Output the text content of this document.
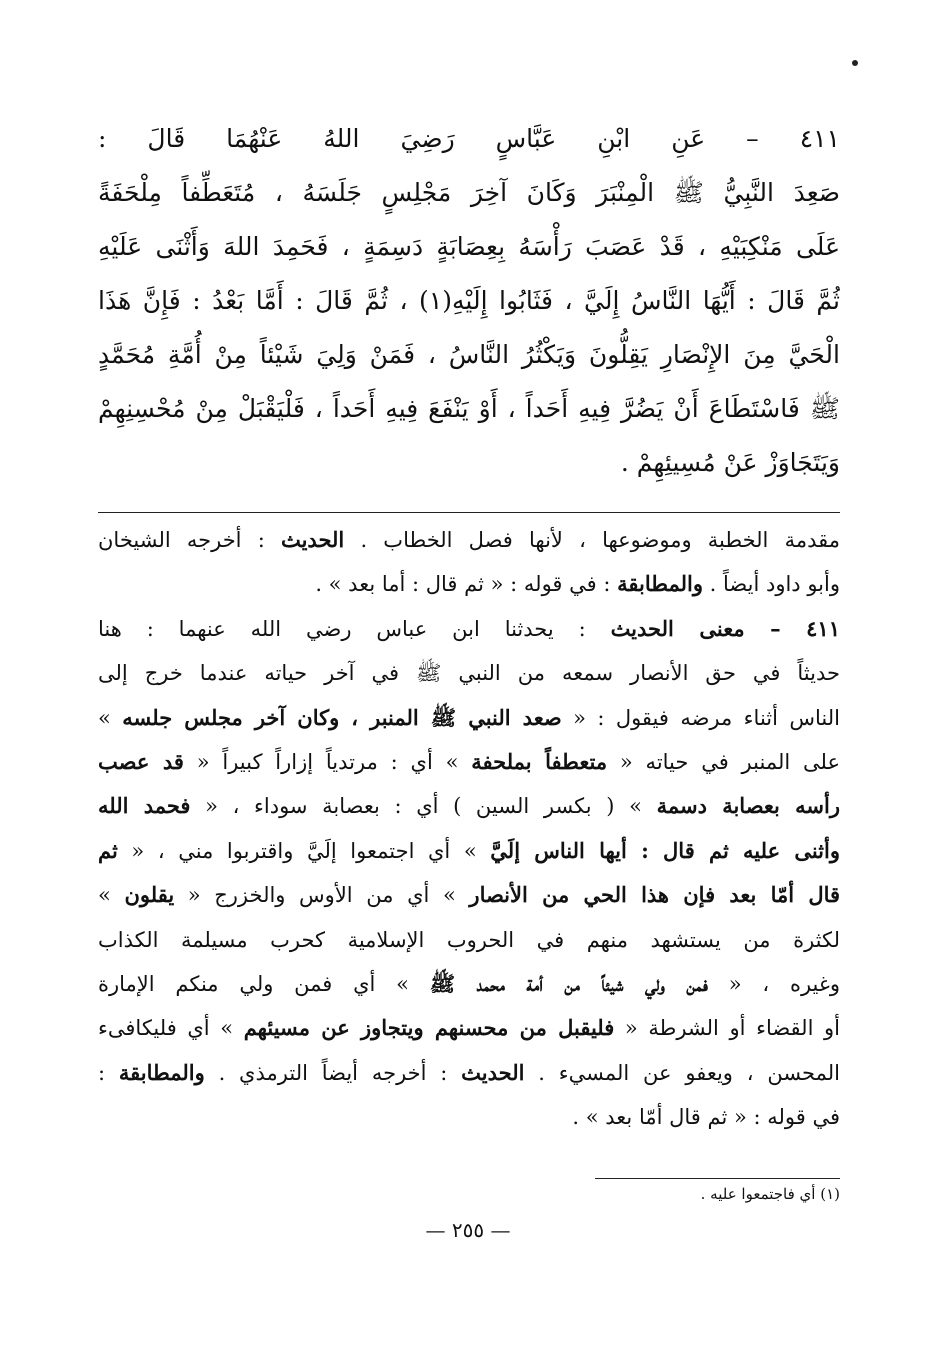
٤١١ – عَنِ ابْنِ عَبَّاسٍ رَضِيَ اللهُ عَنْهُمَا قَالَ :
صَعِدَ النَّبِيُّ ﷺ الْمِنْبَرَ وَكَانَ آخِرَ مَجْلِسٍ جَلَسَهُ ، مُتَعَطِّفاً مِلْحَفَةً
عَلَى مَنْكِبَيْهِ ، قَدْ عَصَبَ رَأْسَهُ بِعِصَابَةٍ دَسِمَةٍ ، فَحَمِدَ اللهَ وَأَثْنَى عَلَيْهِ
ثُمَّ قَالَ : أَيُّهَا النَّاسُ إِلَيَّ ، فَثَابُوا إِلَيْهِ(١) ، ثُمَّ قَالَ : أَمَّا بَعْدُ : فَإِنَّ هَذَا
الْحَيَّ مِنَ الإِنْصَارِ يَقِلُّونَ وَيَكْثُرُ النَّاسُ ، فَمَنْ وَلِيَ شَيْئاً مِنْ أُمَّةِ مُحَمَّدٍ
ﷺ فَاسْتَطَاعَ أَنْ يَضُرَّ فِيهِ أَحَداً ، أَوْ يَنْفَعَ فِيهِ أَحَداً ، فَلْيَقْبَلْ مِنْ مُحْسِنِهِمْ
وَيَتَجَاوَزْ عَنْ مُسِيئِهِمْ .
مقدمة الخطبة وموضوعها ، لأنها فصل الخطاب . الحديث : أخرجه الشيخان
وأبو داود أيضاً . والمطابقة : في قوله : « ثم قال : أما بعد » .
٤١١ – معنى الحديث : يحدثنا ابن عباس رضي الله عنهما : هنا
حديثاً في حق الأنصار سمعه من النبي ﷺ في آخر حياته عندما خرج إلى
الناس أثناء مرضه فيقول : « صعد النبي ﷺ المنبر ، وكان آخر مجلس جلسه »
على المنبر في حياته « متعطفاً بملحفة » أي : مرتدياً إزاراً كبيراً « قد عصب
رأسه بعصابة دسمة » ( بكسر السين ) أي : بعصابة سوداء ، « فحمد الله
وأثنى عليه ثم قال : أيها الناس إلَيَّ » أي اجتمعوا إلَيَّ واقتربوا مني ، « ثم
قال أمّا بعد فإن هذا الحي من الأنصار » أي من الأوس والخزرج « يقلون »
لكثرة من يستشهد منهم في الحروب الإسلامية كحرب مسيلمة الكذاب
وغيره ، « فمن ولي شيئاً من أمة محمد ﷺ » أي فمن ولي منكم الإمارة
أو القضاء أو الشرطة « فليقبل من محسنهم ويتجاوز عن مسيئهم » أي فليكافىء
المحسن ، ويعفو عن المسيء . الحديث : أخرجه أيضاً الترمذي . والمطابقة :
في قوله : « ثم قال أمّا بعد » .
(١) أي فاجتمعوا عليه .
— ٢٥٥ —
